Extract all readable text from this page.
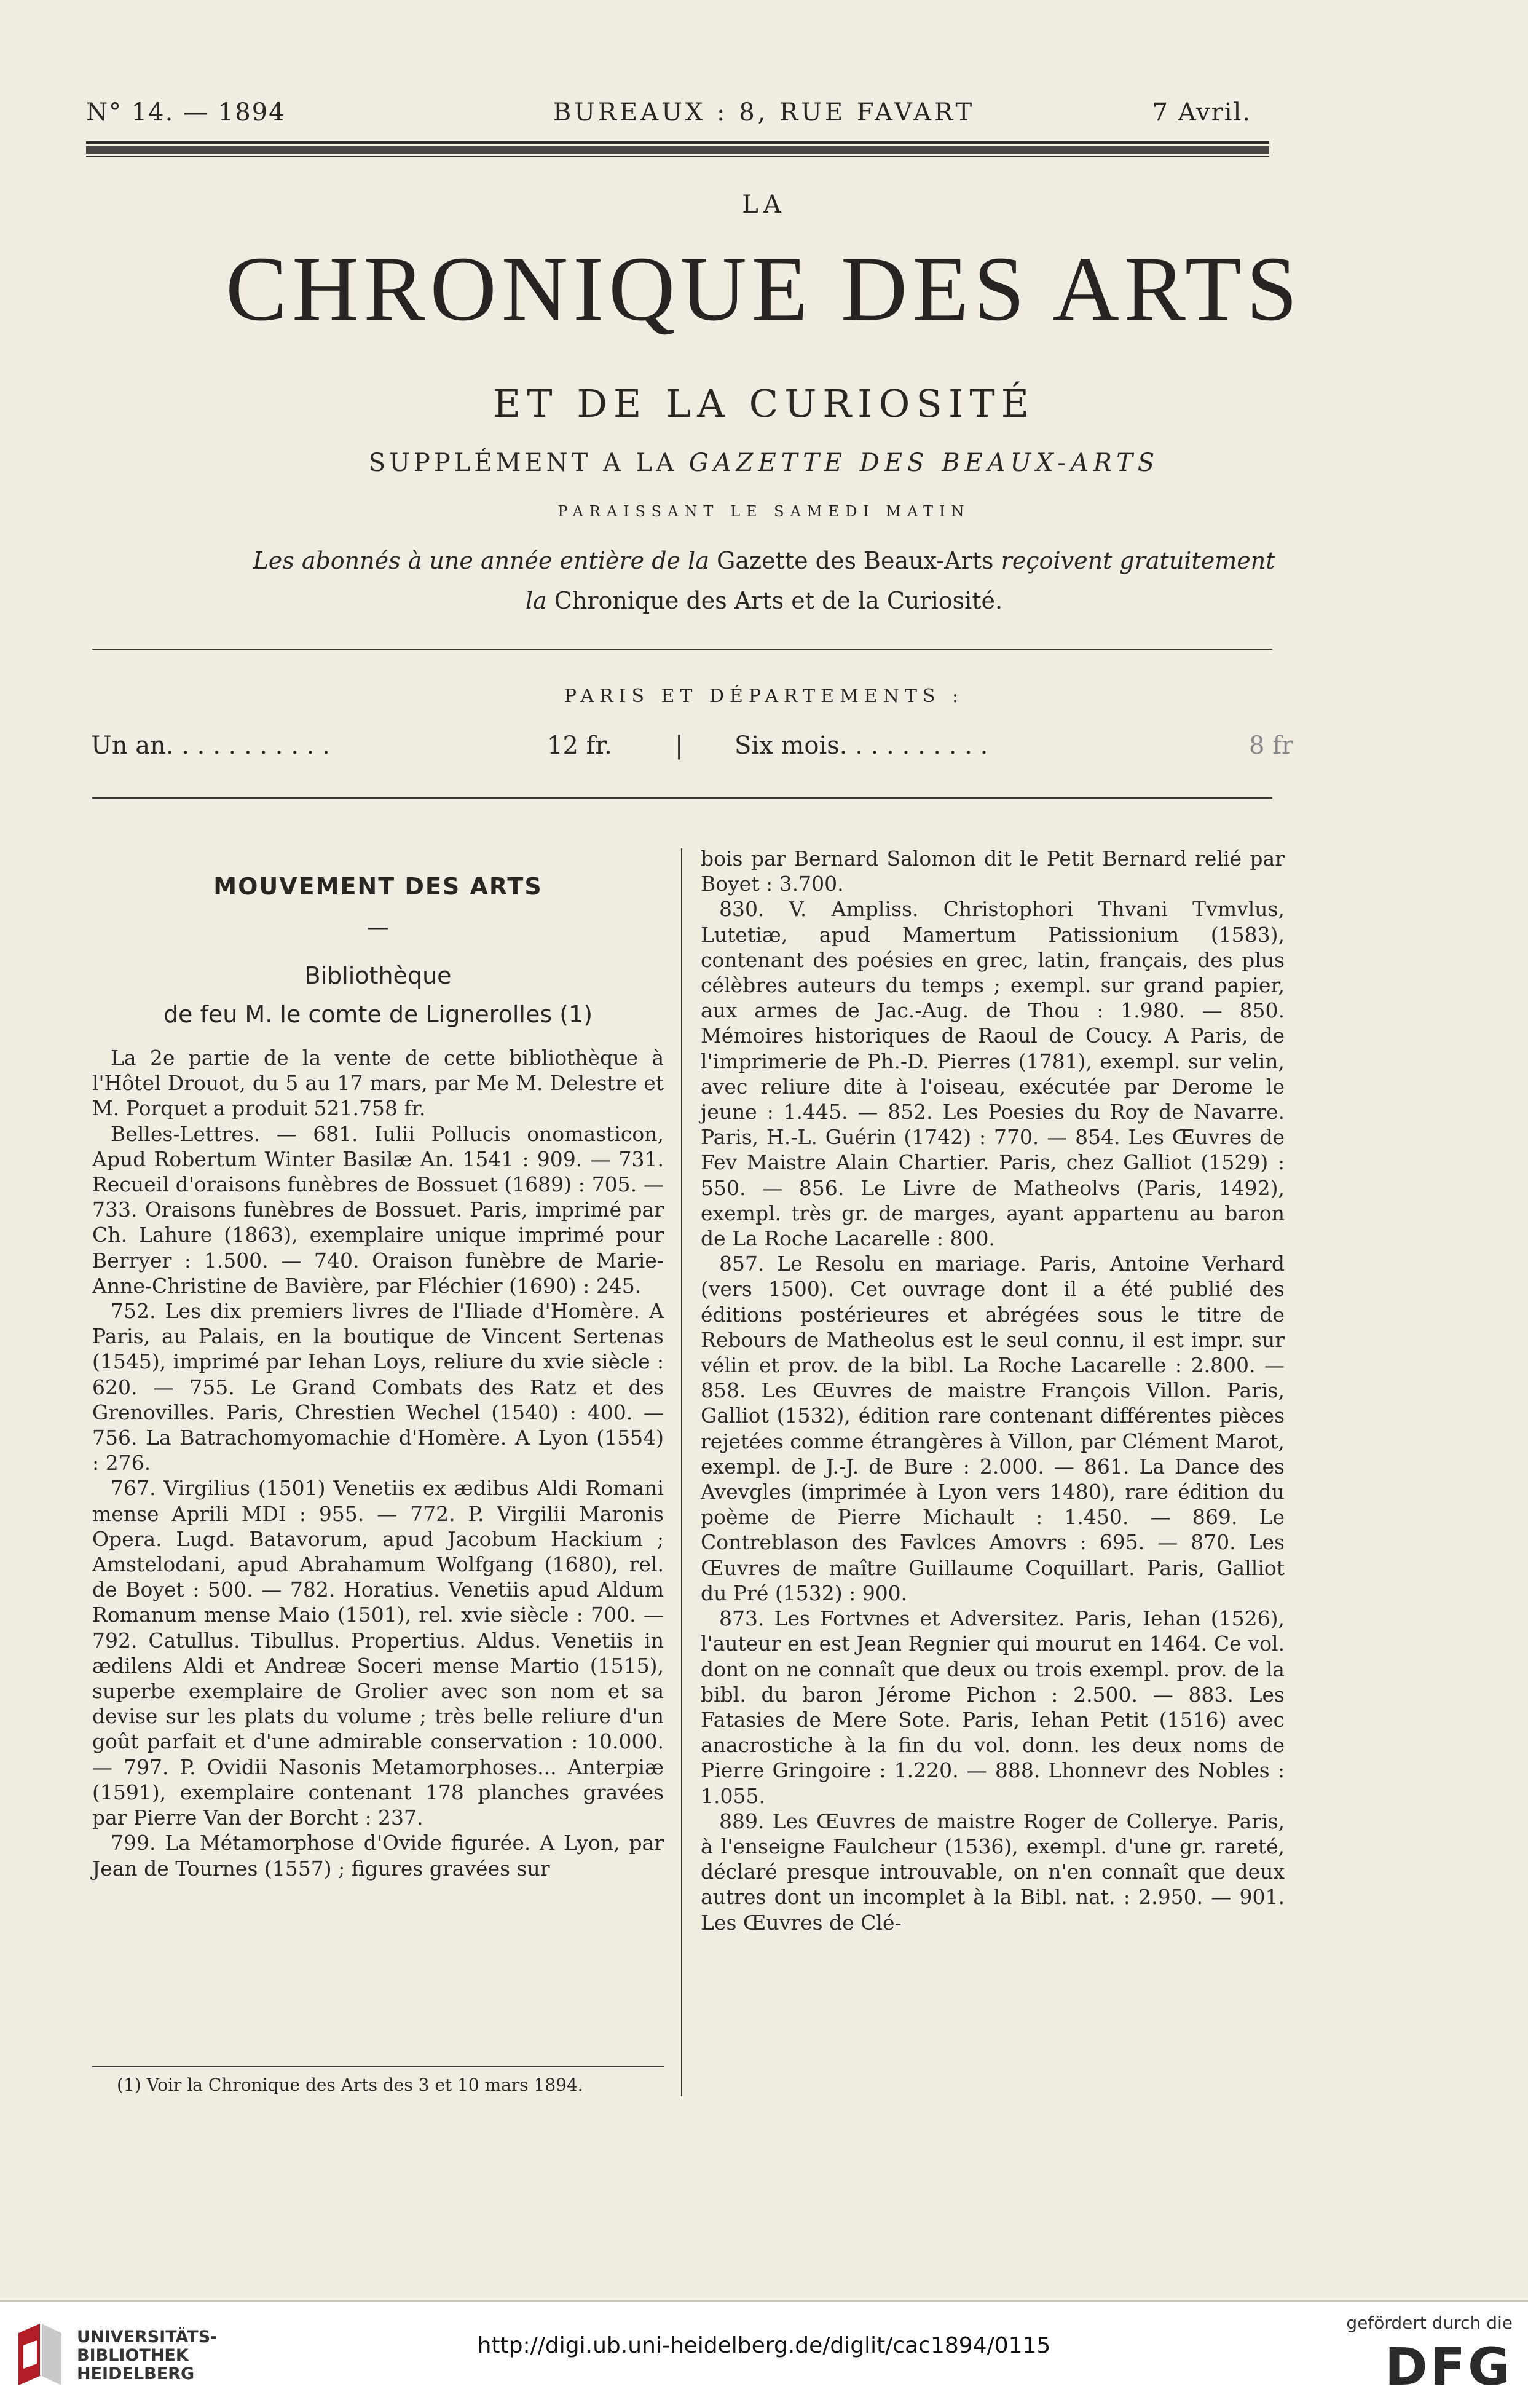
N° 14. — 1894	BUREAUX : 8, RUE FAVART	7 Avril.
LA
CHRONIQUE DES ARTS
ET DE LA CURIOSITÉ
SUPPLÉMENT A LA GAZETTE DES BEAUX-ARTS
PARAISSANT LE SAMEDI MATIN
Les abonnés à une année entière de la Gazette des Beaux-Arts reçoivent gratuitement
la Chronique des Arts et de la Curiosité.
PARIS ET DÉPARTEMENTS :
Un an. . . . . . . . . . .	12 fr.	| Six mois. . . . . . . . . .	8 fr
MOUVEMENT DES ARTS
—
Bibliothèque
de feu M. le comte de Lignerolles (1)

La 2e partie de la vente de cette bibliothèque à l'Hôtel Drouot, du 5 au 17 mars, par Me M. Delestre et M. Porquet a produit 521.758 fr.

Belles-Lettres. — 681. Iulii Pollucis onomasticon, Apud Robertum Winter Basilæ An. 1541 : 909. — 731. Recueil d'oraisons funèbres de Bossuet (1689) : 705. — 733. Oraisons funèbres de Bossuet. Paris, imprimé par Ch. Lahure (1863), exemplaire unique imprimé pour Berryer : 1.500. — 740. Oraison funèbre de Marie-Anne-Christine de Bavière, par Fléchier (1690) : 245.

752. Les dix premiers livres de l'Iliade d'Homère. A Paris, au Palais, en la boutique de Vincent Sertenas (1545), imprimé par Iehan Loys, reliure du xvie siècle : 620. — 755. Le Grand Combats des Ratz et des Grenovilles. Paris, Chrestien Wechel (1540) : 400. — 756. La Batrachomyomachie d'Homère. A Lyon (1554) : 276.

767. Virgilius (1501) Venetiis ex ædibus Aldi Romani mense Aprili MDI : 955. — 772. P. Virgilii Maronis Opera. Lugd. Batavorum, apud Jacobum Hackium ; Amstelodani, apud Abrahamum Wolfgang (1680), rel. de Boyet : 500. — 782. Horatius. Venetiis apud Aldum Romanum mense Maio (1501), rel. xvie siècle : 700. — 792. Catullus. Tibullus. Propertius. Aldus. Venetiis in ædilens Aldi et Andreæ Soceri mense Martio (1515), superbe exemplaire de Grolier avec son nom et sa devise sur les plats du volume ; très belle reliure d'un goût parfait et d'une admirable conservation : 10.000. — 797. P. Ovidii Nasonis Metamorphoses... Anterpiæ (1591), exemplaire contenant 178 planches gravées par Pierre Van der Borcht : 237.

799. La Métamorphose d'Ovide figurée. A Lyon, par Jean de Tournes (1557) ; figures gravées sur

(1) Voir la Chronique des Arts des 3 et 10 mars 1894.

bois par Bernard Salomon dit le Petit Bernard relié par Boyet : 3.700.

830. V. Ampliss. Christophori Thvani Tvmvlus, Lutetiæ, apud Mamertum Patissionium (1583), contenant des poésies en grec, latin, français, des plus célèbres auteurs du temps ; exempl. sur grand papier, aux armes de Jac.-Aug. de Thou : 1.980. — 850. Mémoires historiques de Raoul de Coucy. A Paris, de l'imprimerie de Ph.-D. Pierres (1781), exempl. sur velin, avec reliure dite à l'oiseau, exécutée par Derome le jeune : 1.445. — 852. Les Poesies du Roy de Navarre. Paris, H.-L. Guérin (1742) : 770. — 854. Les Œuvres de Fev Maistre Alain Chartier. Paris, chez Galliot (1529) : 550. — 856. Le Livre de Matheolvs (Paris, 1492), exempl. très gr. de marges, ayant appartenu au baron de La Roche Lacarelle : 800.

857. Le Resolu en mariage. Paris, Antoine Verhard (vers 1500). Cet ouvrage dont il a été publié des éditions postérieures et abrégées sous le titre de Rebours de Matheolus est le seul connu, il est impr. sur vélin et prov. de la bibl. La Roche Lacarelle : 2.800. — 858. Les Œuvres de maistre François Villon. Paris, Galliot (1532), édition rare contenant différentes pièces rejetées comme étrangères à Villon, par Clément Marot, exempl. de J.-J. de Bure : 2.000. — 861. La Dance des Avevgles (imprimée à Lyon vers 1480), rare édition du poème de Pierre Michault : 1.450. — 869. Le Contreblason des Favlces Amovrs : 695. — 870. Les Œuvres de maître Guillaume Coquillart. Paris, Galliot du Pré (1532) : 900.

873. Les Fortvnes et Adversitez. Paris, Iehan (1526), l'auteur en est Jean Regnier qui mourut en 1464. Ce vol. dont on ne connaît que deux ou trois exempl. prov. de la bibl. du baron Jérome Pichon : 2.500. — 883. Les Fatasies de Mere Sote. Paris, Iehan Petit (1516) avec anacrostiche à la fin du vol. donn. les deux noms de Pierre Gringoire : 1.220. — 888. Lhonnevr des Nobles : 1.055.

889. Les Œuvres de maistre Roger de Collerye. Paris, à l'enseigne Faulcheur (1536), exempl. d'une gr. rareté, déclaré presque introuvable, on n'en connaît que deux autres dont un incomplet à la Bibl. nat. : 2.950. — 901. Les Œuvres de Clé-

UNIVERSITÄTS-
BIBLIOTHEK
HEIDELBERG
http://digi.ub.uni-heidelberg.de/diglit/cac1894/0115
gefördert durch die
DFG
